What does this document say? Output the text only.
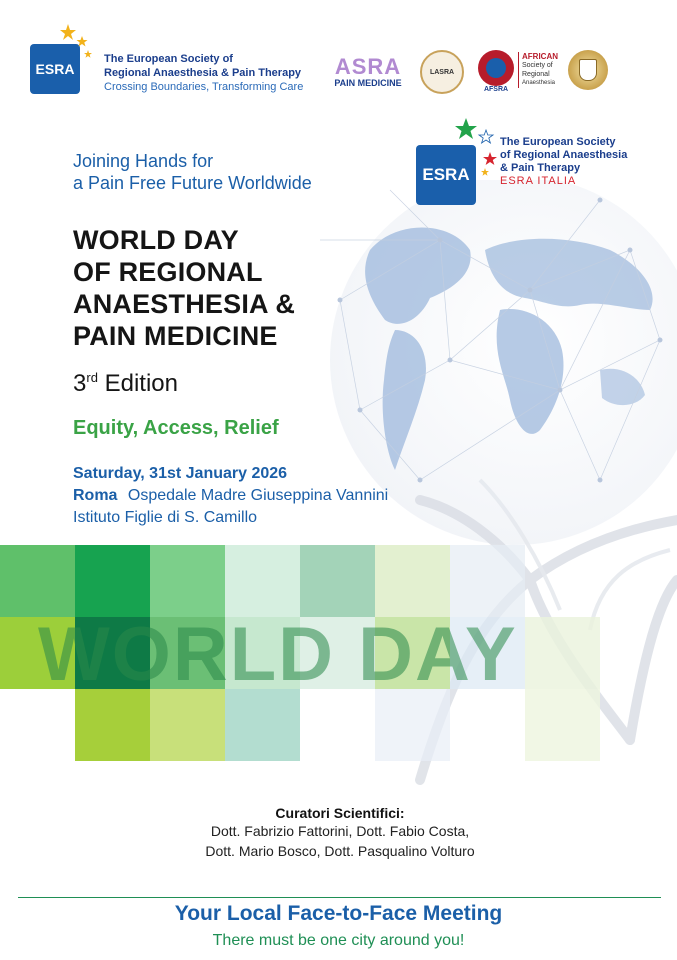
ESRA
The European Society of
Regional Anaesthesia & Pain Therapy
Crossing Boundaries, Transforming Care
ASRA
PAIN MEDICINE
LASRA
AFSRA
AFRICAN
Society of
Regional
Anaesthesia
ESRA
The European Society
of Regional Anaesthesia
& Pain Therapy
ESRA ITALIA
Joining Hands for
a Pain Free Future Worldwide
WORLD DAY
OF REGIONAL
ANAESTHESIA &
PAIN MEDICINE
3rd Edition
Equity, Access, Relief
Saturday, 31st January 2026
Roma Ospedale Madre Giuseppina Vannini
Istituto Figlie di S. Camillo
WORLD DAY
Curatori Scientifici:
Dott. Fabrizio Fattorini, Dott. Fabio Costa,
Dott. Mario Bosco, Dott. Pasqualino Volturo
Your Local Face-to-Face Meeting
There must be one city around you!
